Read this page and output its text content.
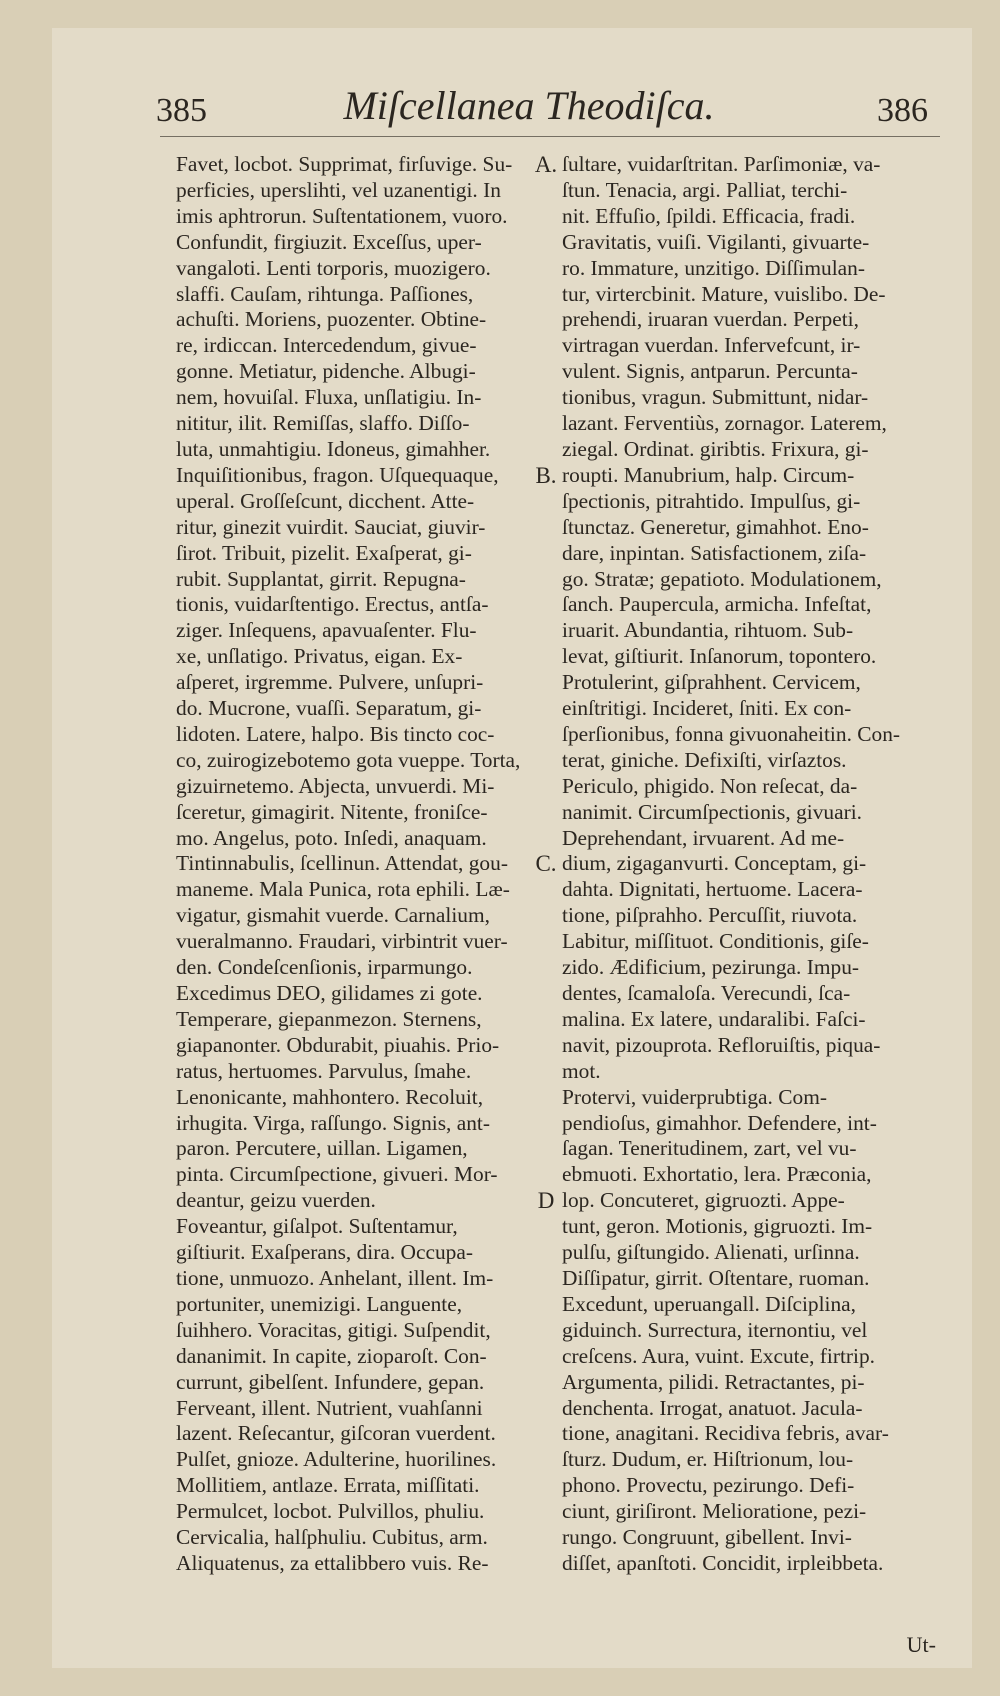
385	Miſcellanea Theodiſca.	386
Favet, locbot. Supprimat, firſuvige. Su-
perficies, uperslihti, vel uzanentigi. In
imis aphtrorun. Suſtentationem, vuoro.
Confundit, firgiuzit. Exceſſus, uper-
vangaloti. Lenti torporis, muozigero.
slaffi. Cauſam, rihtunga. Paſſiones,
achuſti. Moriens, puozenter. Obtine-
re, irdiccan. Intercedendum, givue-
gonne. Metiatur, pidenche. Albugi-
nem, hovuiſal. Fluxa, unſlatigiu. In-
nititur, ilit. Remiſſas, slaffo. Diſſo-
luta, unmahtigiu. Idoneus, gimahher.
Inquiſitionibus, fragon. Uſquequaque,
uperal. Groſſeſcunt, dicchent. Atte-
ritur, ginezit vuirdit. Sauciat, giuvir-
ſirot. Tribuit, pizelit. Exaſperat, gi-
rubit. Supplantat, girrit. Repugna-
tionis, vuidarſtentigo. Erectus, antſa-
ziger. Inſequens, apavuaſenter. Flu-
xe, unſlatigo. Privatus, eigan. Ex-
aſperet, irgremme. Pulvere, unſupri-
do. Mucrone, vuaſſi. Separatum, gi-
lidoten. Latere, halpo. Bis tincto coc-
co, zuirogizebotemo gota vueppe. Torta,
gizuirnetemo. Abjecta, unvuerdi. Mi-
ſceretur, gimagirit. Nitente, froniſce-
mo. Angelus, poto. Inſedi, anaquam.
Tintinnabulis, ſcellinun. Attendat, gou-
maneme. Mala Punica, rota ephili. Læ-
vigatur, gismahit vuerde. Carnalium,
vueralmanno. Fraudari, virbintrit vuer-
den. Condeſcenſionis, irparmungo.
Excedimus DEO, gilidames zi gote.
Temperare, giepanmezon. Sternens,
giapanonter. Obdurabit, piuahis. Prio-
ratus, hertuomes. Parvulus, ſmahe.
Lenonicante, mahhontero. Recoluit,
irhugita. Virga, raſſungo. Signis, ant-
paron. Percutere, uillan. Ligamen,
pinta. Circumſpectione, givueri. Mor-
deantur, geizu vuerden.
Foveantur, giſalpot. Suſtentamur,
giſtiurit. Exaſperans, dira. Occupa-
tione, unmuozo. Anhelant, illent. Im-
portuniter, unemizigi. Languente,
ſuihhero. Voracitas, gitigi. Suſpendit,
dananimit. In capite, zioparoſt. Con-
currunt, gibelſent. Infundere, gepan.
Ferveant, illent. Nutrient, vuahſanni
lazent. Reſecantur, giſcoran vuerdent.
Pulſet, gnioze. Adulterine, huorilines.
Mollitiem, antlaze. Errata, miſſitati.
Permulcet, locbot. Pulvillos, phuliu.
Cervicalia, halſphuliu. Cubitus, arm.
Aliquatenus, za ettalibbero vuis. Re-
ſultare, vuidarſtritan. Parſimoniæ, va-
ſtun. Tenacia, argi. Palliat, terchi-
nit. Effuſio, ſpildi. Efficacia, fradi.
Gravitatis, vuiſi. Vigilanti, givuarte-
ro. Immature, unzitigo. Diſſimulan-
tur, virtercbinit. Mature, vuislibo. De-
prehendi, iruaran vuerdan. Perpeti,
virtragan vuerdan. Infervefcunt, ir-
vulent. Signis, antparun. Percunta-
tionibus, vragun. Submittunt, nidar-
lazant. Ferventiùs, zornagor. Laterem,
ziegal. Ordinat. giribtis. Frixura, gi-
roupti. Manubrium, halp. Circum-
ſpectionis, pitrahtido. Impulſus, gi-
ſtunctaz. Generetur, gimahhot. Eno-
dare, inpintan. Satisfactionem, ziſa-
go. Stratæ; gepatioto. Modulationem,
ſanch. Paupercula, armicha. Infeſtat,
iruarit. Abundantia, rihtuom. Sub-
levat, giſtiurit. Inſanorum, topontero.
Protulerint, giſprahhent. Cervicem,
einſtritigi. Incideret, ſniti. Ex con-
ſperſionibus, fonna givuonaheitin. Con-
terat, giniche. Defixiſti, virſaztos.
Periculo, phigido. Non reſecat, da-
nanimit. Circumſpectionis, givuari.
Deprehendant, irvuarent. Ad me-
dium, zigaganvurti. Conceptam, gi-
dahta. Dignitati, hertuome. Lacera-
tione, piſprahho. Percuſſit, riuvota.
Labitur, miſſituot. Conditionis, giſe-
zido. Ædificium, pezirunga. Impu-
dentes, ſcamaloſa. Verecundi, ſca-
malina. Ex latere, undaralibi. Faſci-
navit, pizouprota. Refloruiſtis, piqua-
mot.
Protervi, vuiderprubtiga. Com-
pendioſus, gimahhor. Defendere, int-
ſagan. Teneritudinem, zart, vel vu-
ebmuoti. Exhortatio, lera. Præconia,
lop. Concuteret, gigruozti. Appe-
tunt, geron. Motionis, gigruozti. Im-
pulſu, giſtungido. Alienati, urſinna.
Diſſipatur, girrit. Oſtentare, ruoman.
Excedunt, uperuangall. Diſciplina,
giduinch. Surrectura, iternontiu, vel
creſcens. Aura, vuint. Excute, firtrip.
Argumenta, pilidi. Retractantes, pi-
denchenta. Irrogat, anatuot. Jacula-
tione, anagitani. Recidiva febris, avar-
ſturz. Dudum, er. Hiſtrionum, lou-
phono. Provectu, pezirungo. Defi-
ciunt, giriſiront. Melioratione, pezi-
rungo. Congruunt, gibellent. Invi-
diſſet, apanſtoti. Concidit, irpleibbeta.
A.
B.
C.
D
Ut-
